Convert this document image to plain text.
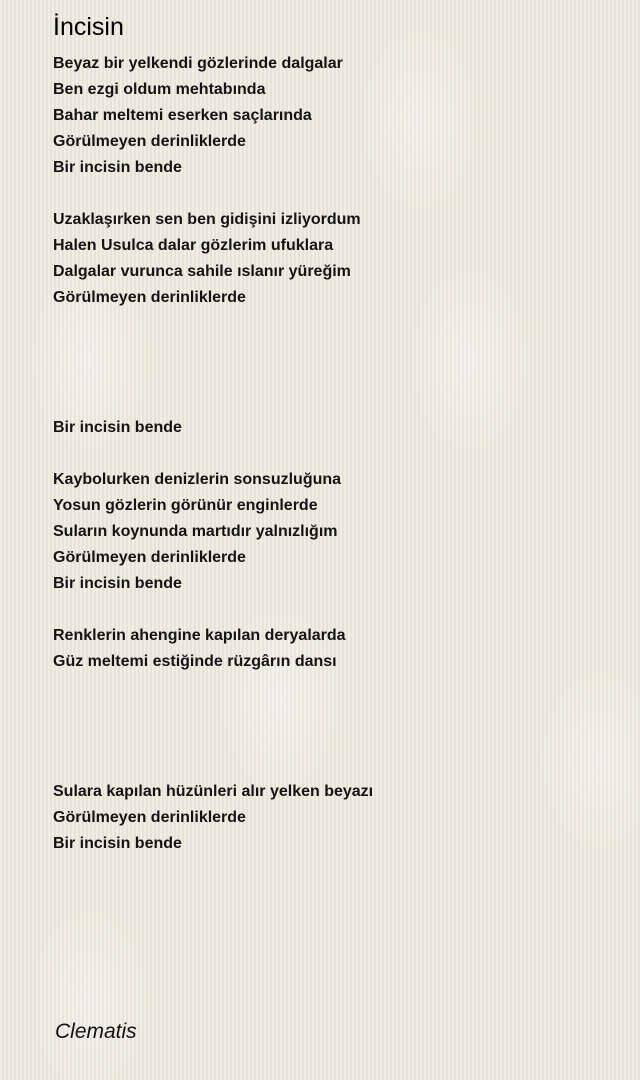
İncisin
Beyaz bir yelkendi gözlerinde dalgalar
Ben ezgi oldum mehtabında
Bahar meltemi eserken saçlarında
Görülmeyen derinliklerde
Bir incisin bende
Uzaklaşırken sen ben gidişini izliyordum
Halen Usulca dalar gözlerim ufuklara
Dalgalar vurunca sahile ıslanır yüreğim
Görülmeyen derinliklerde
Bir incisin bende
Kaybolurken denizlerin sonsuzluğuna
Yosun gözlerin görünür enginlerde
Suların koynunda martıdır yalnızlığım
Görülmeyen derinliklerde
Bir incisin bende
Renklerin ahengine kapılan deryalarda
Güz meltemi estiğinde rüzgârın dansı
Sulara kapılan hüzünleri alır yelken beyazı
Görülmeyen derinliklerde
Bir incisin bende
Clematis
